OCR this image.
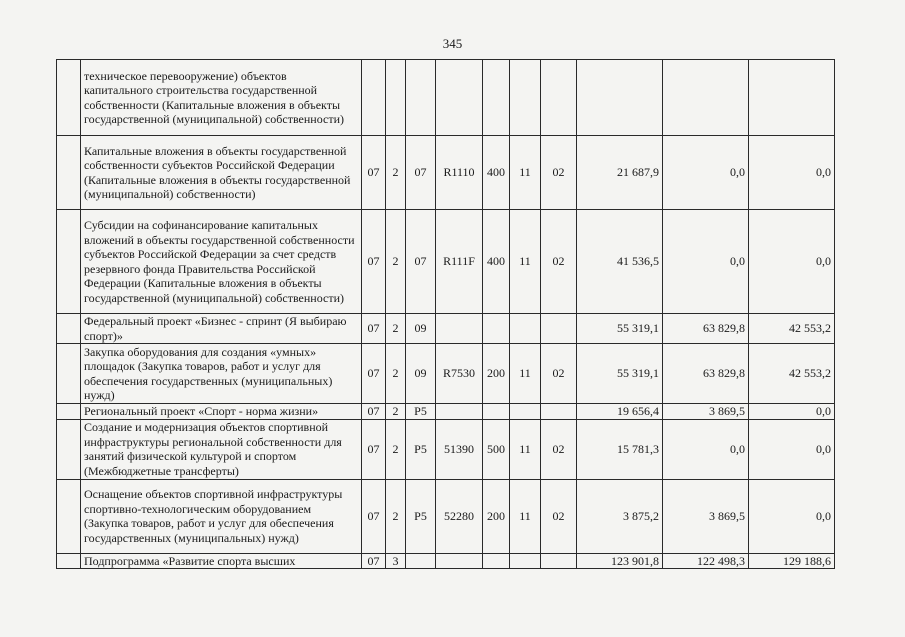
345
	техническое перевооружение) объектов капитального строительства государственной собственности (Капитальные вложения в объекты государственной (муниципальной) собственности)										
	Капитальные вложения в объекты государственной собственности субъектов Российской Федерации (Капитальные вложения в объекты государственной (муниципальной) собственности)	07	2	07	R1110	400	11	02	21 687,9	0,0	0,0
	Субсидии на софинансирование капитальных вложений в объекты государственной собственности субъектов Российской Федерации за счет средств резервного фонда Правительства Российской Федерации (Капитальные вложения в объекты государственной (муниципальной) собственности)	07	2	07	R111F	400	11	02	41 536,5	0,0	0,0
	Федеральный проект «Бизнес - спринт (Я выбираю спорт)»	07	2	09					55 319,1	63 829,8	42 553,2
	Закупка оборудования для создания «умных» площадок (Закупка товаров, работ и услуг для обеспечения государственных (муниципальных) нужд)	07	2	09	R7530	200	11	02	55 319,1	63 829,8	42 553,2
	Региональный проект «Спорт - норма жизни»	07	2	P5					19 656,4	3 869,5	0,0
	Создание и модернизация объектов спортивной инфраструктуры региональной собственности для занятий физической культурой и спортом (Межбюджетные трансферты)	07	2	P5	51390	500	11	02	15 781,3	0,0	0,0
	Оснащение объектов спортивной инфраструктуры спортивно-технологическим оборудованием (Закупка товаров, работ и услуг для обеспечения государственных (муниципальных) нужд)	07	2	P5	52280	200	11	02	3 875,2	3 869,5	0,0
	Подпрограмма «Развитие спорта высших	07	3						123 901,8	122 498,3	129 188,6
